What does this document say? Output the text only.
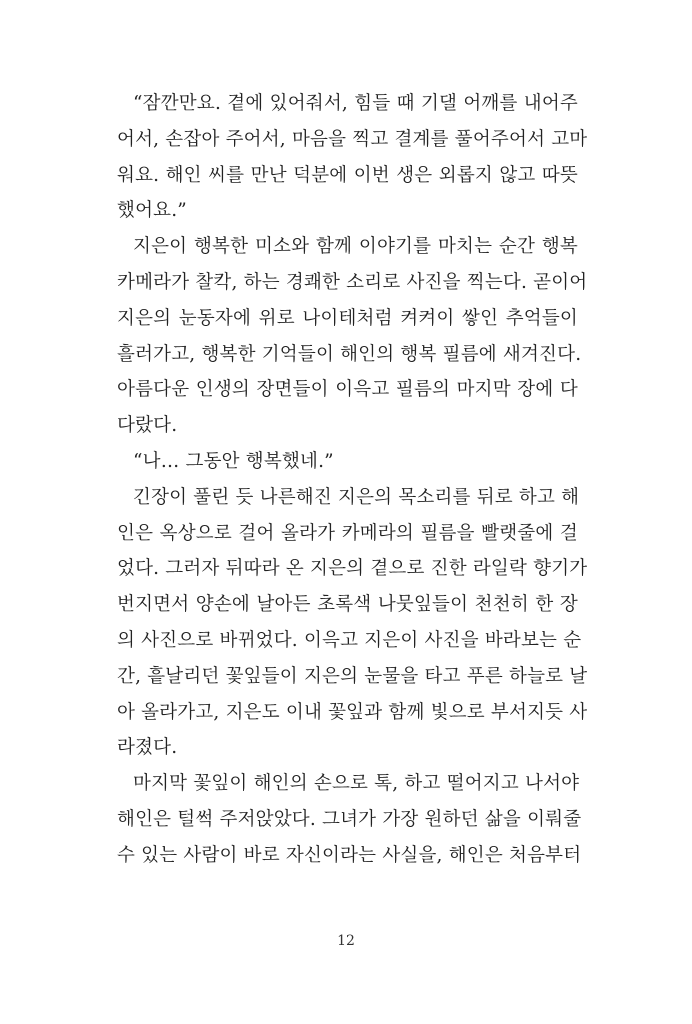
“잠깐만요. 곁에 있어줘서, 힘들 때 기댈 어깨를 내어주
어서, 손잡아 주어서, 마음을 찍고 결계를 풀어주어서 고마
워요. 해인 씨를 만난 덕분에 이번 생은 외롭지 않고 따뜻
했어요.”
지은이 행복한 미소와 함께 이야기를 마치는 순간 행복
카메라가 찰칵, 하는 경쾌한 소리로 사진을 찍는다. 곧이어
지은의 눈동자에 위로 나이테처럼 켜켜이 쌓인 추억들이
흘러가고, 행복한 기억들이 해인의 행복 필름에 새겨진다.
아름다운 인생의 장면들이 이윽고 필름의 마지막 장에 다
다랐다.
“나… 그동안 행복했네.”
긴장이 풀린 듯 나른해진 지은의 목소리를 뒤로 하고 해
인은 옥상으로 걸어 올라가 카메라의 필름을 빨랫줄에 걸
었다. 그러자 뒤따라 온 지은의 곁으로 진한 라일락 향기가
번지면서 양손에 날아든 초록색 나뭇잎들이 천천히 한 장
의 사진으로 바뀌었다. 이윽고 지은이 사진을 바라보는 순
간, 흩날리던 꽃잎들이 지은의 눈물을 타고 푸른 하늘로 날
아 올라가고, 지은도 이내 꽃잎과 함께 빛으로 부서지듯 사
라졌다.
마지막 꽃잎이 해인의 손으로 톡, 하고 떨어지고 나서야
해인은 털썩 주저앉았다. 그녀가 가장 원하던 삶을 이뤄줄
수 있는 사람이 바로 자신이라는 사실을, 해인은 처음부터
12
